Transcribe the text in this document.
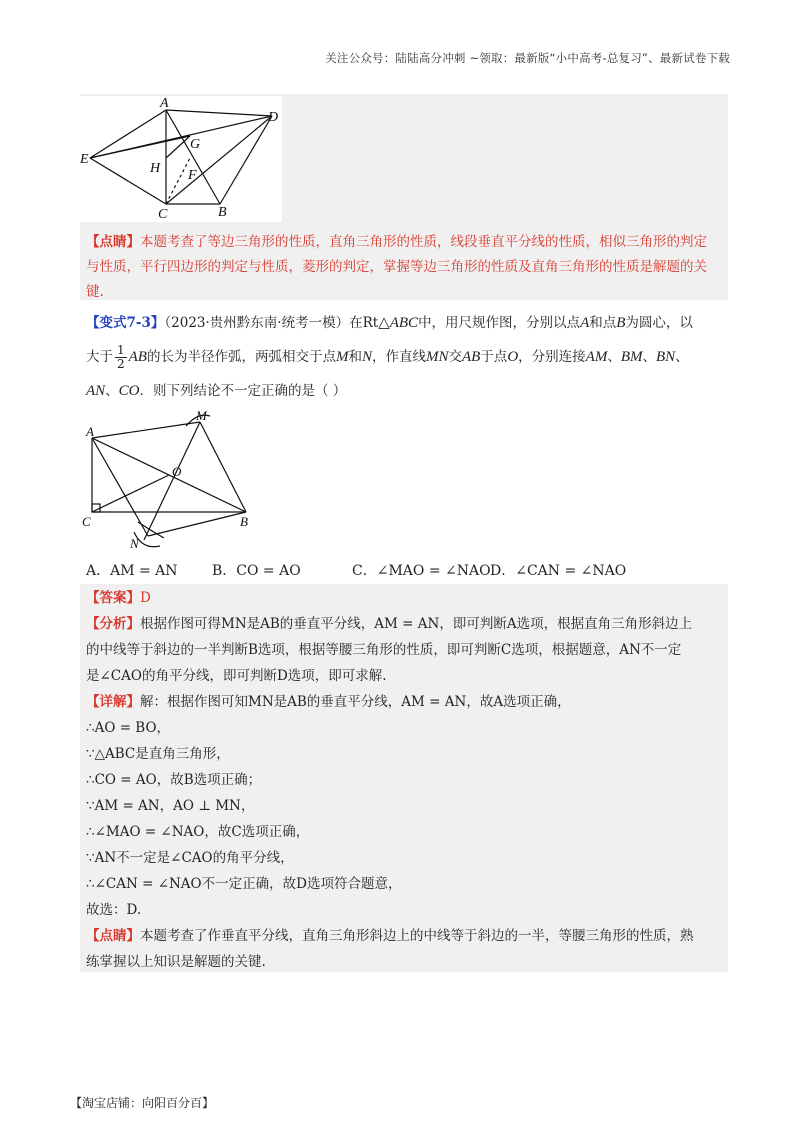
关注公众号：陆陆高分冲刺 ~领取：最新版“小中高考-总复习”、最新试卷下载
A
D
E
G
H F
C	B
【点睛】本题考查了等边三角形的性质，直角三角形的性质，线段垂直平分线的性质，相似三角形的判定与性质，平行四边形的判定与性质，菱形的判定，掌握等边三角形的性质及直角三角形的性质是解题的关键.
【变式7-3】（2023·贵州黔东南·统考一模）在Rt△ABC中，用尺规作图，分别以点A和点B为圆心，以
大于 $\frac{1}{2}$ AB的长为半径作弧，两弧相交于点M和N，作直线MN交AB于点O，分别连接AM、BM、BN、
AN、CO．则下列结论不一定正确的是（ ）
A
M
O
C	B
N
A．AM = AN B．CO = AO	C．∠MAO = ∠NAO D．∠CAN = ∠NAO
【答案】D
【分析】根据作图可得MN是AB的垂直平分线，AM = AN，即可判断A选项，根据直角三角形斜边上
的中线等于斜边的一半判断B选项，根据等腰三角形的性质，即可判断C选项，根据题意，AN不一定
是∠CAO的角平分线，即可判断D选项，即可求解.
【详解】解：根据作图可知MN是AB的垂直平分线，AM = AN，故A选项正确，
∴AO = BO，
∵△ABC是直角三角形，
∴CO = AO，故B选项正确；
∵AM = AN，AO ⊥ MN，
∴∠MAO = ∠NAO，故C选项正确，
∵AN不一定是∠CAO的角平分线，
∴∠CAN = ∠NAO不一定正确，故D选项符合题意，
故选：D.
【点睛】本题考查了作垂直平分线，直角三角形斜边上的中线等于斜边的一半，等腰三角形的性质，熟
练掌握以上知识是解题的关键.
【淘宝店铺：向阳百分百】
